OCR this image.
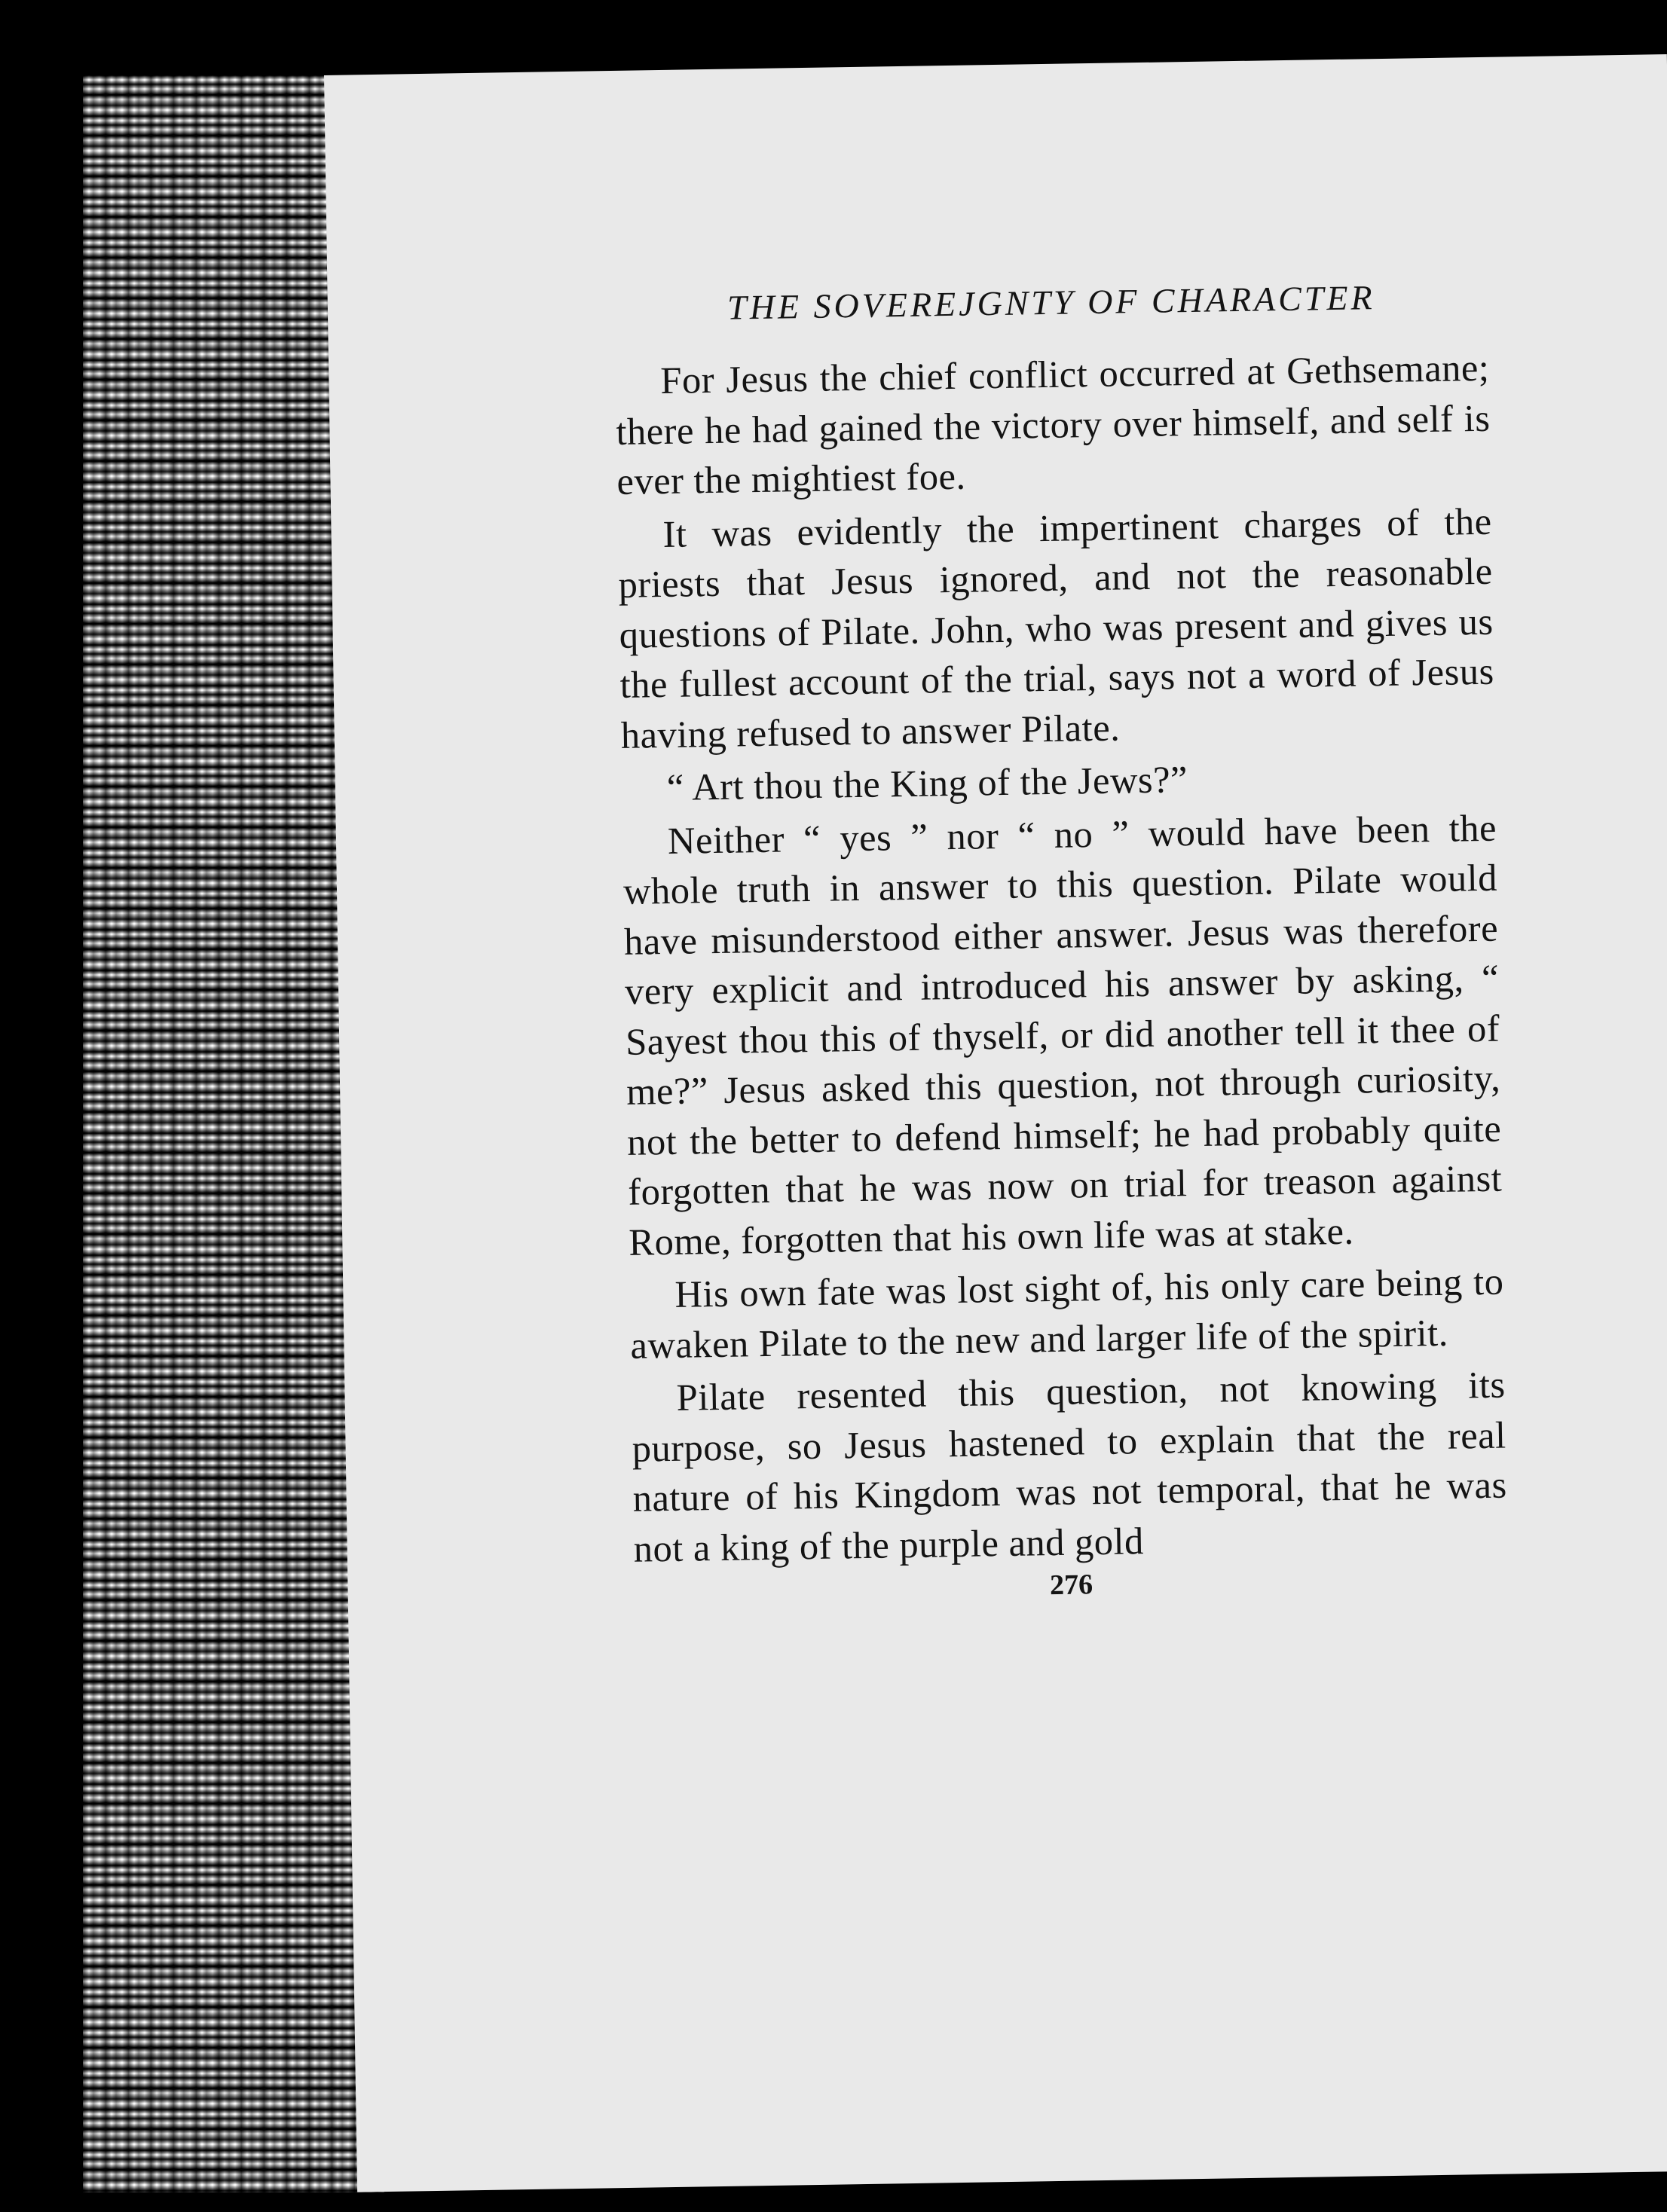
THE SOVEREJGNTY OF CHARACTER

For Jesus the chief conflict occurred at Gethsemane; there he had gained the victory over himself, and self is ever the mightiest foe.

It was evidently the impertinent charges of the priests that Jesus ignored, and not the reasonable questions of Pilate. John, who was present and gives us the fullest account of the trial, says not a word of Jesus having refused to answer Pilate.

“ Art thou the King of the Jews?”

Neither “ yes ” nor “ no ” would have been the whole truth in answer to this question. Pilate would have misunderstood either answer. Jesus was therefore very explicit and introduced his answer by asking, “ Sayest thou this of thyself, or did another tell it thee of me?” Jesus asked this question, not through curiosity, not the better to defend himself; he had probably quite forgotten that he was now on trial for treason against Rome, forgotten that his own life was at stake.

His own fate was lost sight of, his only care being to awaken Pilate to the new and larger life of the spirit.

Pilate resented this question, not knowing its purpose, so Jesus hastened to explain that the real nature of his Kingdom was not temporal, that he was not a king of the purple and gold

276
